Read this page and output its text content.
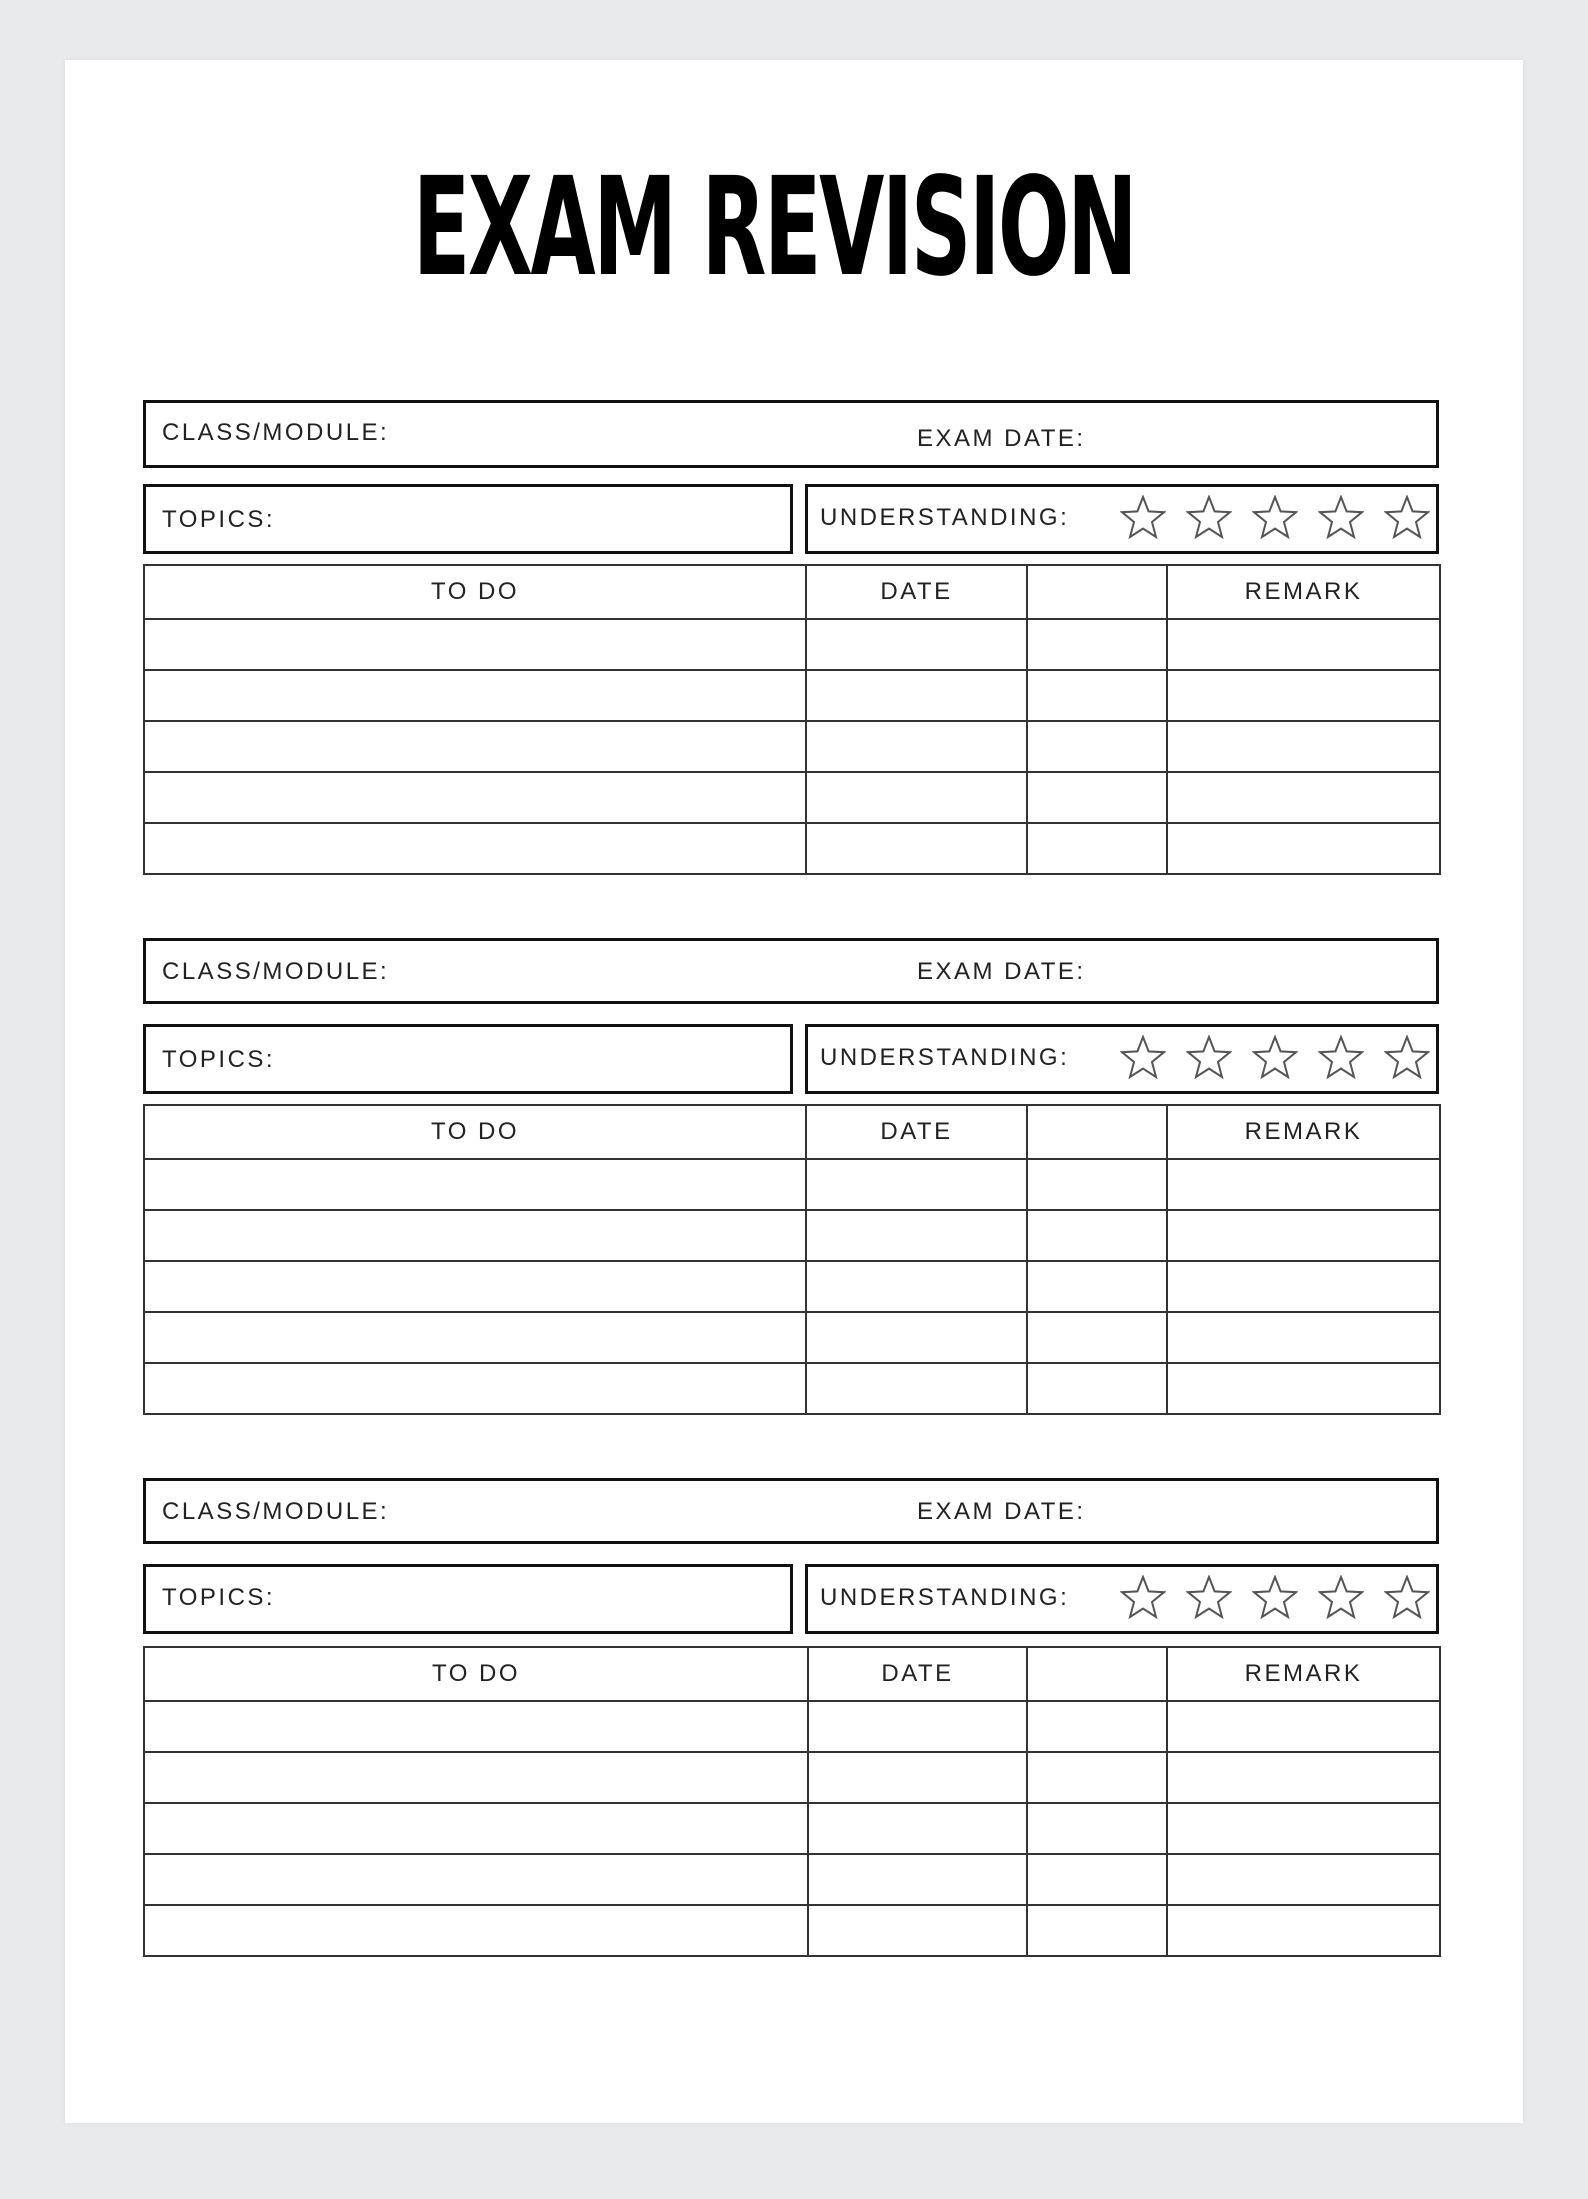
EXAM REVISION
CLASS/MODULE:	EXAM DATE:
TOPICS:	UNDERSTANDING:
TO DO	DATE		REMARK

CLASS/MODULE:	EXAM DATE:
TOPICS:	UNDERSTANDING:
TO DO	DATE		REMARK

CLASS/MODULE:	EXAM DATE:
TOPICS:	UNDERSTANDING:
TO DO	DATE		REMARK
